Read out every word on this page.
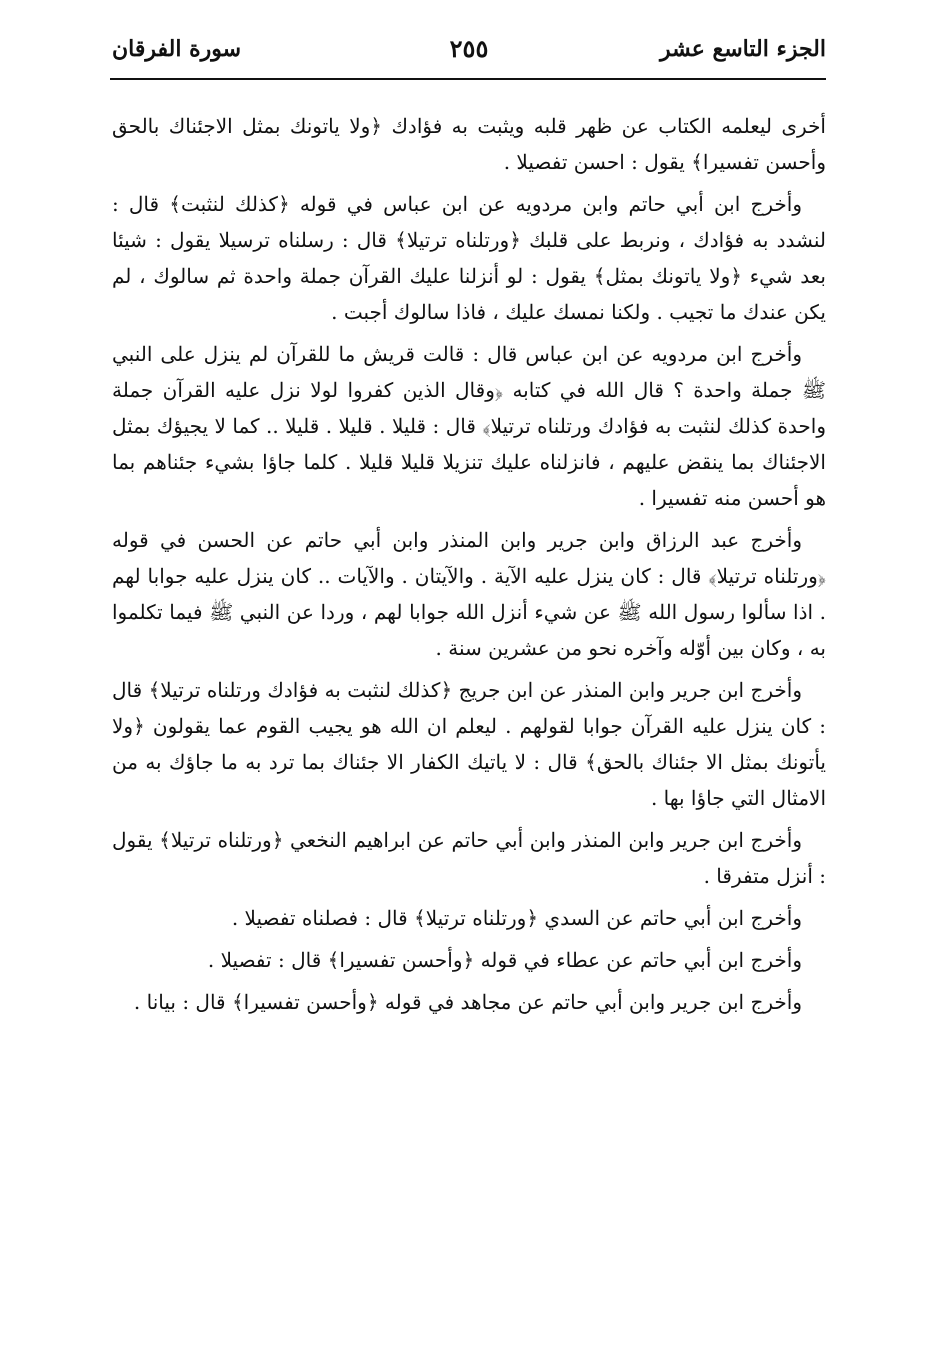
الجزء التاسع عشر
٢٥٥
سورة الفرقان

أخرى ليعلمه الكتاب عن ظهر قلبه ويثبت به فؤادك ﴿ولا ياتونك بمثل الاجئناك بالحق وأحسن تفسيرا﴾ يقول : احسن تفصيلا .

وأخرج ابن أبي حاتم وابن مردويه عن ابن عباس في قوله ﴿كذلك لنثبت﴾ قال : لنشدد به فؤادك ، ونربط على قلبك ﴿ورتلناه ترتيلا﴾ قال : رسلناه ترسيلا يقول : شيئا بعد شيء ﴿ولا ياتونك بمثل﴾ يقول : لو أنزلنا عليك القرآن جملة واحدة ثم سالوك ، لم يكن عندك ما تجيب . ولكنا نمسك عليك ، فاذا سالوك أجبت .

وأخرج ابن مردويه عن ابن عباس قال : قالت قريش ما للقرآن لم ينزل على النبي ﷺ جملة واحدة ؟ قال الله في كتابه ﴿وقال الذين كفروا لولا نزل عليه القرآن جملة واحدة كذلك لنثبت به فؤادك ورتلناه ترتيلا﴾ قال : قليلا . قليلا . قليلا .. كما لا يجيؤك بمثل الاجئناك بما ينقض عليهم ، فانزلناه عليك تنزيلا قليلا قليلا . كلما جاؤا بشيء جئناهم بما هو أحسن منه تفسيرا .

وأخرج عبد الرزاق وابن جرير وابن المنذر وابن أبي حاتم عن الحسن في قوله ﴿ورتلناه ترتيلا﴾ قال : كان ينزل عليه الآية . والآيتان . والآيات .. كان ينزل عليه جوابا لهم . اذا سألوا رسول الله ﷺ عن شيء أنزل الله جوابا لهم ، وردا عن النبي ﷺ فيما تكلموا به ، وكان بين أوّله وآخره نحو من عشرين سنة .

وأخرج ابن جرير وابن المنذر عن ابن جريج ﴿كذلك لنثبت به فؤادك ورتلناه ترتيلا﴾ قال : كان ينزل عليه القرآن جوابا لقولهم . ليعلم ان الله هو يجيب القوم عما يقولون ﴿ولا يأتونك بمثل الا جئناك بالحق﴾ قال : لا ياتيك الكفار الا جئناك بما ترد به ما جاؤك به من الامثال التي جاؤا بها .

وأخرج ابن جرير وابن المنذر وابن أبي حاتم عن ابراهيم النخعي ﴿ورتلناه ترتيلا﴾ يقول : أنزل متفرقا .

وأخرج ابن أبي حاتم عن السدي ﴿ورتلناه ترتيلا﴾ قال : فصلناه تفصيلا .

وأخرج ابن أبي حاتم عن عطاء في قوله ﴿وأحسن تفسيرا﴾ قال : تفصيلا .

وأخرج ابن جرير وابن أبي حاتم عن مجاهد في قوله ﴿وأحسن تفسيرا﴾ قال : بيانا .
